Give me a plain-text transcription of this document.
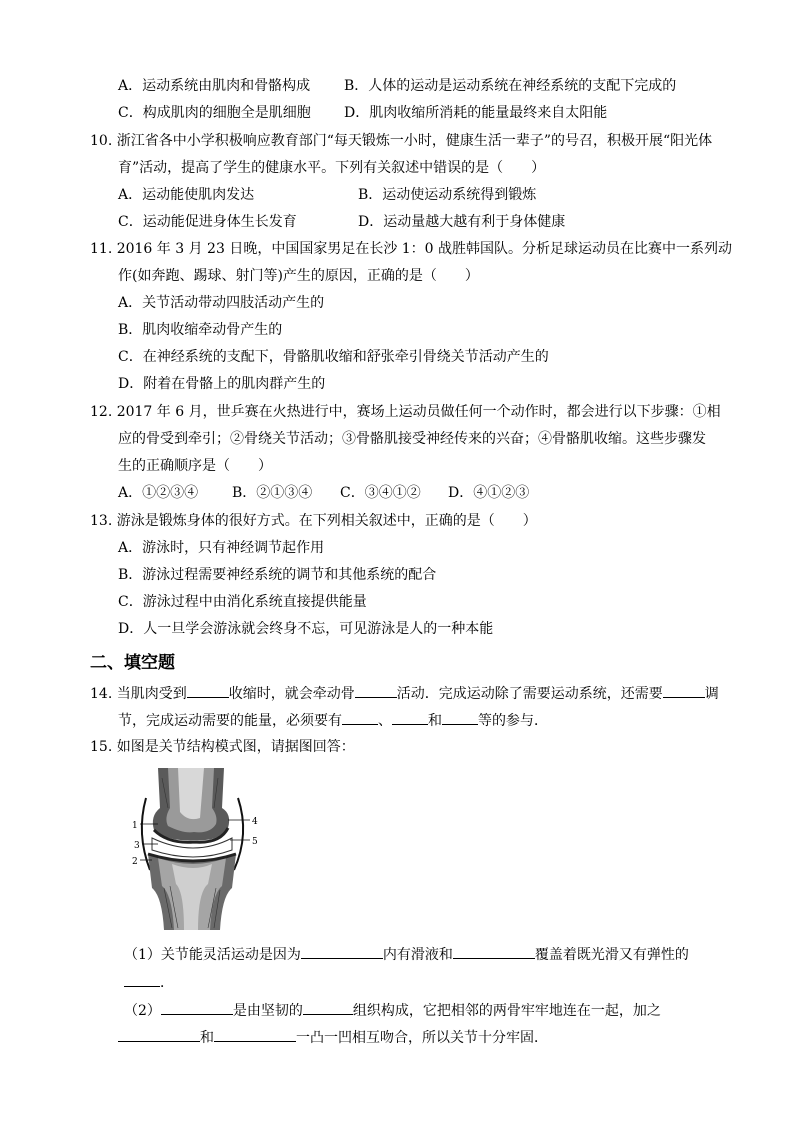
A．运动系统由肌肉和骨骼构成 B．人体的运动是运动系统在神经系统的支配下完成的
C．构成肌肉的细胞全是肌细胞 D．肌肉收缩所消耗的能量最终来自太阳能
10. 浙江省各中小学积极响应教育部门“每天锻炼一小时，健康生活一辈子”的号召，积极开展“阳光体
育”活动，提高了学生的健康水平。下列有关叙述中错误的是（　　）
A．运动能使肌肉发达	B．运动使运动系统得到锻炼
C．运动能促进身体生长发育	D．运动量越大越有利于身体健康
11. 2016 年 3 月 23 日晚，中国国家男足在长沙 1：0 战胜韩国队。分析足球运动员在比赛中一系列动
作(如奔跑、踢球、射门等)产生的原因，正确的是（　　）
A．关节活动带动四肢活动产生的
B．肌肉收缩牵动骨产生的
C．在神经系统的支配下，骨骼肌收缩和舒张牵引骨绕关节活动产生的
D．附着在骨骼上的肌肉群产生的
12. 2017 年 6 月，世乒赛在火热进行中，赛场上运动员做任何一个动作时，都会进行以下步骤：①相
应的骨受到牵引；②骨绕关节活动；③骨骼肌接受神经传来的兴奋；④骨骼肌收缩。这些步骤发
生的正确顺序是（　　）
A．①②③④ B．②①③④ C．③④①② D．④①②③
13. 游泳是锻炼身体的很好方式。在下列相关叙述中，正确的是（　　）
A．游泳时，只有神经调节起作用
B．游泳过程需要神经系统的调节和其他系统的配合
C．游泳过程中由消化系统直接提供能量
D．人一旦学会游泳就会终身不忘，可见游泳是人的一种本能
二、填空题
14. 当肌肉受到	收缩时，就会牵动骨	活动．完成运动除了需要运动系统，还需要	调
节，完成运动需要的能量，必须要有	、	和	等的参与．
15. 如图是关节结构模式图，请据图回答：
1
2
3
4
5
（1）关节能灵活运动是因为	内有滑液和	覆盖着既光滑又有弹性的
．
（2）	是由坚韧的	组织构成，它把相邻的两骨牢牢地连在一起，加之
和	一凸一凹相互吻合，所以关节十分牢固．
